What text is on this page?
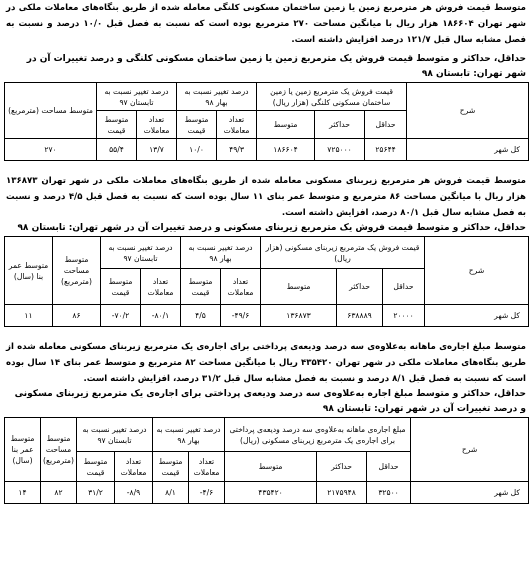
متوسط قیمت فروش هر مترمربع زمین یا زمین ساختمان مسکونی کلنگی معامله شده از طریق بنگاه‌های معاملات ملکی در شهر تهران ۱۸۶۶۰۴ هزار ریال با میانگین مساحت ۲۷۰ مترمربع بوده است که نسبت به فصل قبل ۱۰/۰ درصد و نسبت به فصل مشابه سال قبل ۱۲۱/۷ درصد افزایش داشته است.

حداقل، حداکثر و متوسط قیمت فروش یک مترمربع زمین یا زمین ساختمان مسکونی کلنگی و درصد تغییرات آن در شهر تهران: تابستان ۹۸

شرح	قیمت فروش یک مترمربع زمین یا زمین ساختمان مسکونی کلنگی (هزار ریال)			درصد تغییر نسبت به بهار ۹۸		درصد تغییر نسبت به تابستان ۹۷		متوسط مساحت (مترمربع)
	حداقل	حداکثر	متوسط	تعداد معاملات	متوسط قیمت	تعداد معاملات	متوسط قیمت	
کل شهر	۲۵۶۴۴	۷۲۵۰۰۰	۱۸۶۶۰۴	۴۹/۳	۱۰/۰	۱۳/۷	۵۵/۴	۲۷۰

متوسط قیمت فروش هر مترمربع زیربنای مسکونی معامله شده از طریق بنگاه‌های معاملات ملکی در شهر تهران ۱۳۶۸۷۳ هزار ریال با میانگین مساحت ۸۶ مترمربع و متوسط عمر بنای ۱۱ سال بوده است که نسبت به فصل قبل ۴/۵ درصد و نسبت به فصل مشابه سال قبل ۸۰/۱ درصد، افزایش داشته است.

حداقل، حداکثر و متوسط قیمت فروش یک مترمربع زیربنای مسکونی و درصد تغییرات آن در شهر تهران: تابستان ۹۸

شرح	قیمت فروش یک مترمربع زیربنای مسکونی (هزار ریال)			درصد تغییر نسبت به بهار ۹۸		درصد تغییر نسبت به تابستان ۹۷		متوسط مساحت (مترمربع)	متوسط عمر بنا (سال)
	حداقل	حداکثر	متوسط	تعداد معاملات	متوسط قیمت	تعداد معاملات	متوسط قیمت		
کل شهر	۲۰۰۰۰	۶۳۸۸۸۹	۱۳۶۸۷۳	۴۹/۶-	۴/۵	۸۰/۱-	۷۰/۲-	۸۶	۱۱

متوسط مبلغ اجاره‌ی ماهانه به‌علاوه‌ی سه درصد ودیعه‌ی پرداختی برای اجاره‌ی یک مترمربع زیربنای مسکونی معامله شده از طریق بنگاه‌های معاملات ملکی در شهر تهران ۴۳۵۴۲۰ ریال با میانگین مساحت ۸۲ مترمربع و متوسط عمر بنای ۱۴ سال بوده است که نسبت به فصل قبل ۸/۱ درصد و نسبت به فصل مشابه سال قبل ۳۱/۲ درصد، افزایش داشته است.

حداقل، حداکثر و متوسط مبلغ اجاره به‌علاوه‌ی سه درصد ودیعه‌ی پرداختی برای اجاره‌ی یک مترمربع زیربنای مسکونی و درصد تغییرات آن در شهر تهران: تابستان ۹۸

شرح	مبلغ اجاره‌ی ماهانه به‌علاوه‌ی سه درصد ودیعه‌ی پرداختی برای اجاره‌ی یک مترمربع زیربنای مسکونی (ریال)			درصد تغییر نسبت به بهار ۹۸		درصد تغییر نسبت به تابستان ۹۷		متوسط مساحت (مترمربع)	متوسط عمر بنا (سال)
	حداقل	حداکثر	متوسط	تعداد معاملات	متوسط قیمت	تعداد معاملات	متوسط قیمت		
کل شهر	۳۲۵۰۰	۲۱۷۵۹۴۸	۴۳۵۴۲۰	۴/۶-	۸/۱	۸/۹-	۳۱/۲	۸۲	۱۴
